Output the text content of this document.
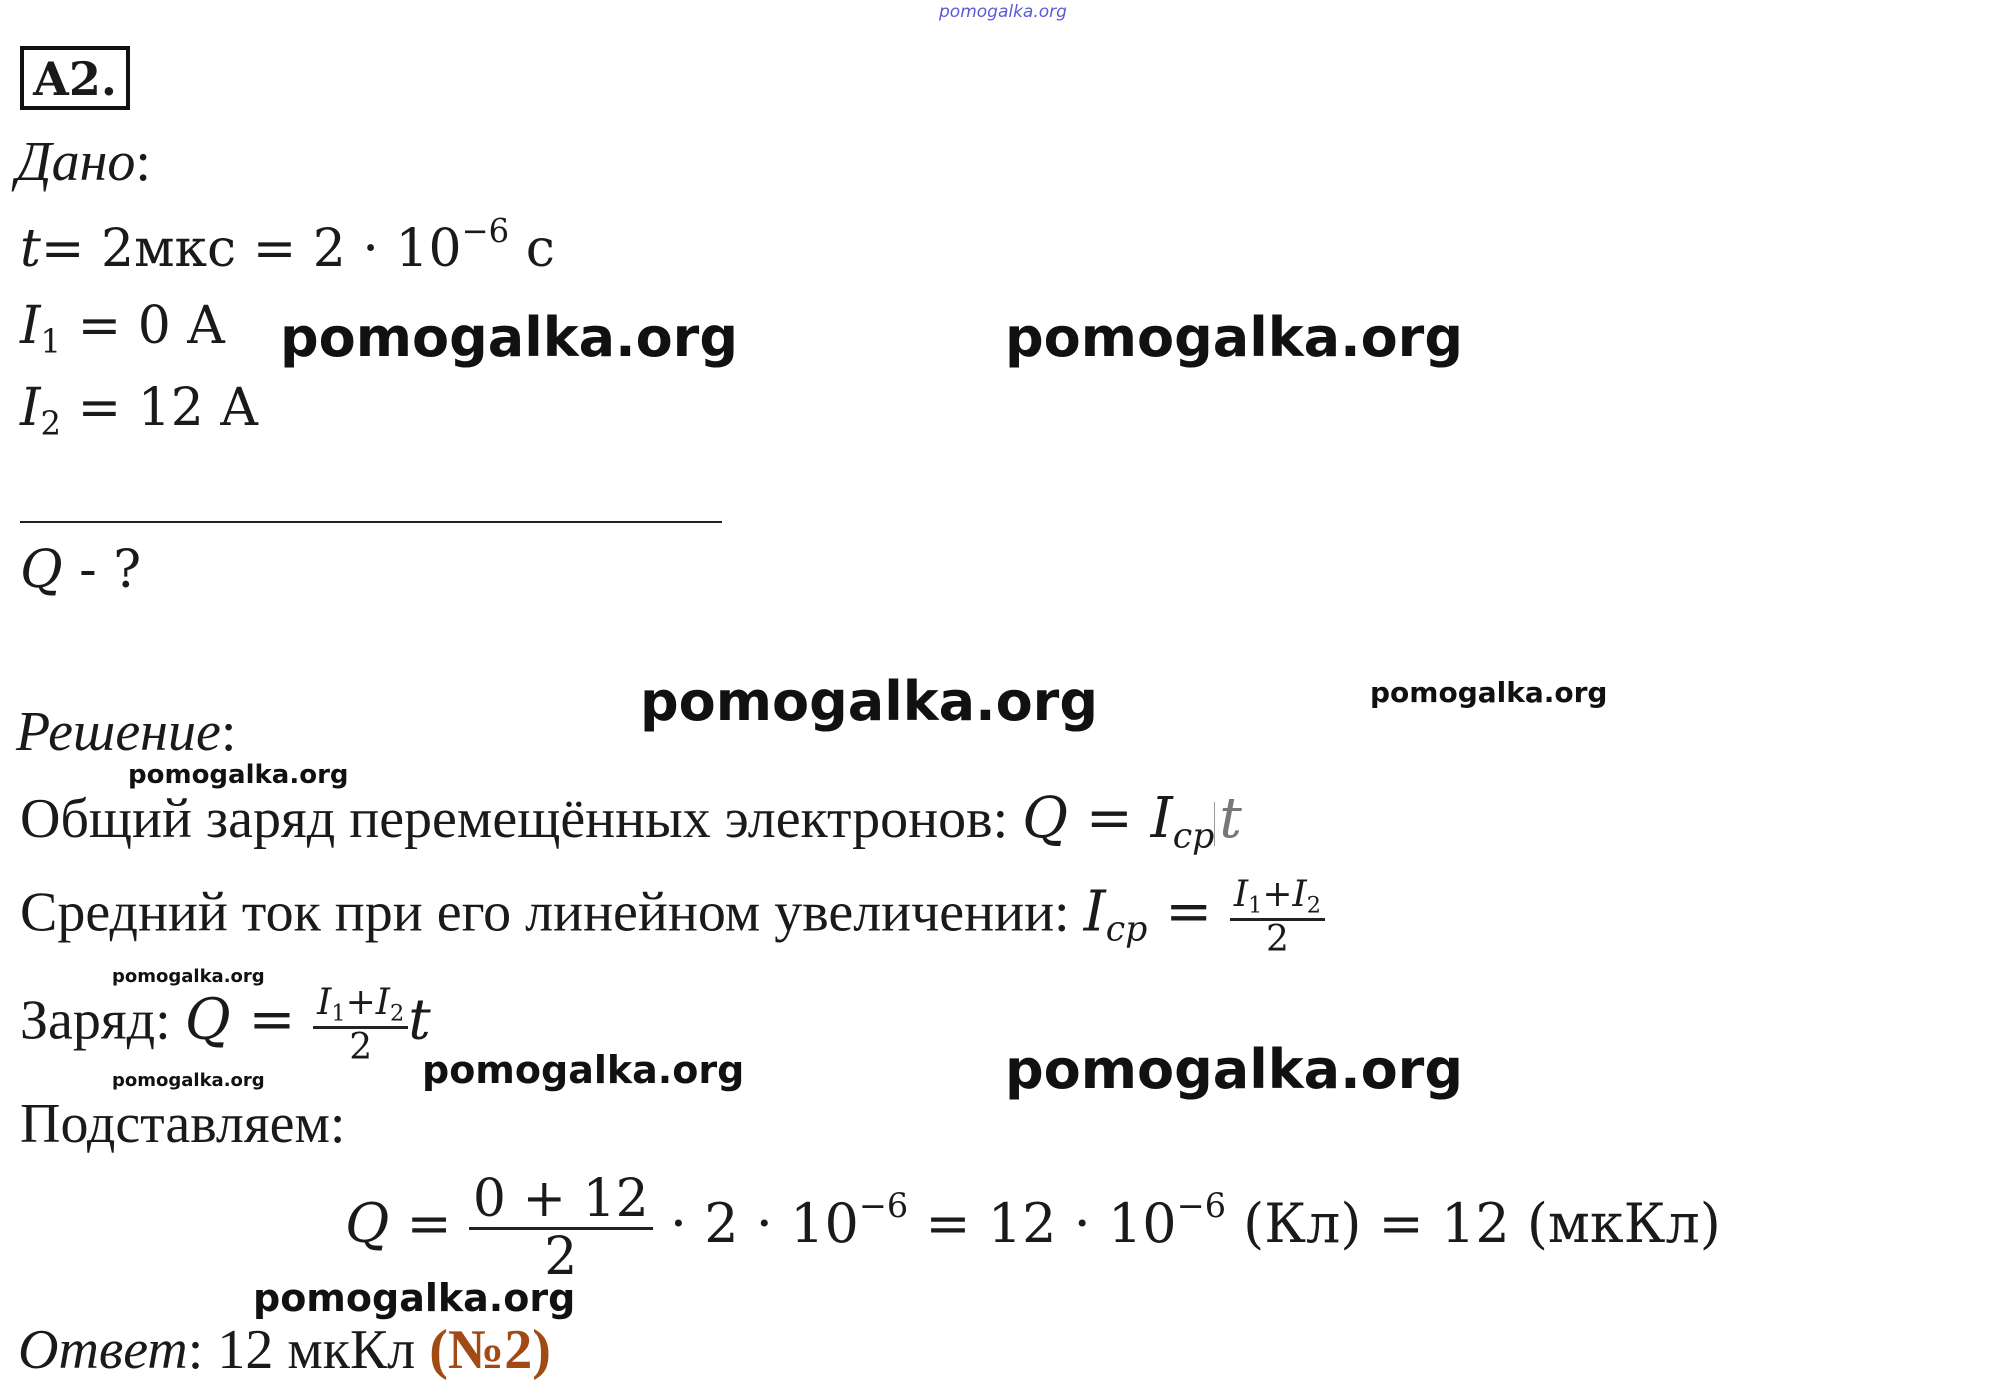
pomogalka.org
A2.
Дано:
$t= 2мкс = 2 \cdot 10^{-6}$ с
$I_1 = 0$ A
$I_2 = 12$ A
Q - ?
Решение:
Общий заряд перемещённых электронов: $Q = I_{cp}t$
Средний ток при его линейном увеличении: $I_{cp} = \frac{I_1+I_2}{2}$
Заряд: $Q = \frac{I_1+I_2}{2}$ t
Подставляем:
$Q = \frac{0 + 12}{2} \cdot 2 \cdot 10^{-6} = 12 \cdot 10^{-6}$ (Кл) = 12 (мкКл)
Ответ: 12 мкКл (№2)
pomogalka.org	pomogalka.org
pomogalka.org	pomogalka.org
pomogalka.org
pomogalka.org
pomogalka.org	pomogalka.org	pomogalka.org
pomogalka.org
